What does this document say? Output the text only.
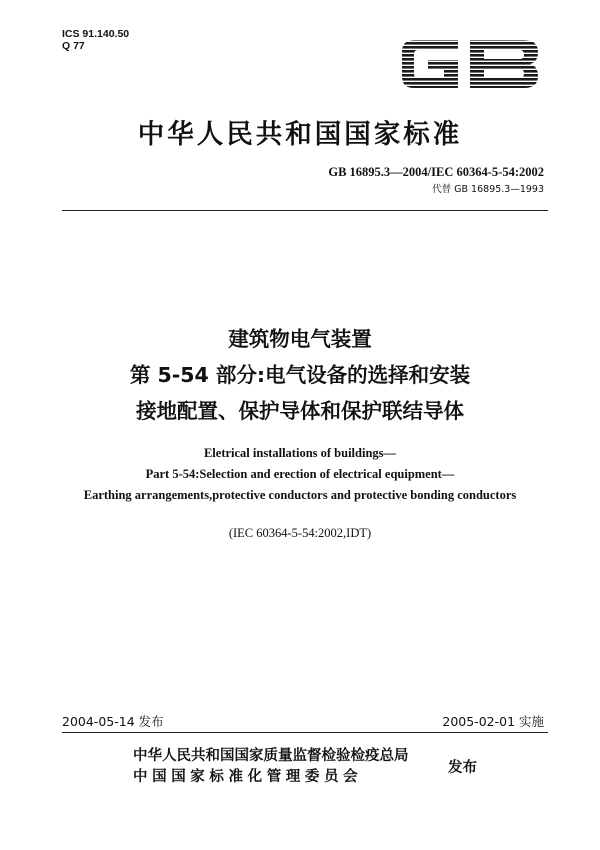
ICS 91.140.50
Q 77
中华人民共和国国家标准
GB 16895.3—2004/IEC 60364-5-54:2002
代替 GB 16895.3—1993
建筑物电气装置
第 5-54 部分:电气设备的选择和安装
接地配置、保护导体和保护联结导体
Eletrical installations of buildings—
Part 5-54:Selection and erection of electrical equipment—
Earthing arrangements,protective conductors and protective bonding conductors
(IEC 60364-5-54:2002,IDT)
2004-05-14 发布	2005-02-01 实施
中华人民共和国国家质量监督检验检疫总局
中国国家标准化管理委员会
发布
